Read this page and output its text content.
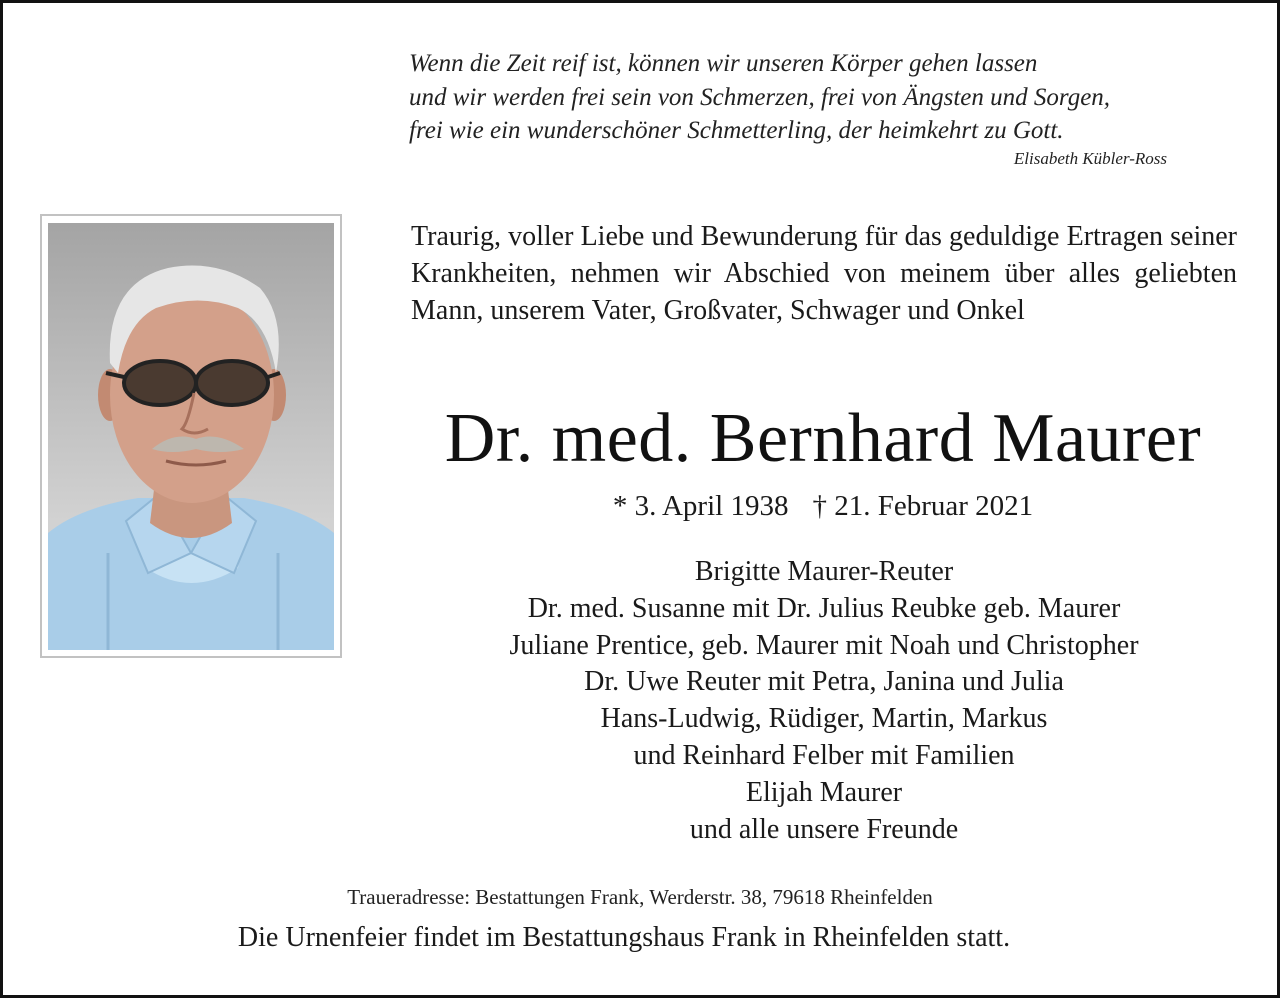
Wenn die Zeit reif ist, können wir unseren Körper gehen lassen
und wir werden frei sein von Schmerzen, frei von Ängsten und Sorgen,
frei wie ein wunderschöner Schmetterling, der heimkehrt zu Gott.
Elisabeth Kübler-Ross
Traurig, voller Liebe und Bewunderung für das geduldige Ertragen seiner Krankheiten, nehmen wir Abschied von meinem über alles geliebten Mann, unserem Vater, Großvater, Schwager und Onkel
Dr. med. Bernhard Maurer
* 3. April 1938 † 21. Februar 2021
Brigitte Maurer-Reuter
Dr. med. Susanne mit Dr. Julius Reubke geb. Maurer
Juliane Prentice, geb. Maurer mit Noah und Christopher
Dr. Uwe Reuter mit Petra, Janina und Julia
Hans-Ludwig, Rüdiger, Martin, Markus
und Reinhard Felber mit Familien
Elijah Maurer
und alle unsere Freunde
Traueradresse: Bestattungen Frank, Werderstr. 38, 79618 Rheinfelden
Die Urnenfeier findet im Bestattungshaus Frank in Rheinfelden statt.
